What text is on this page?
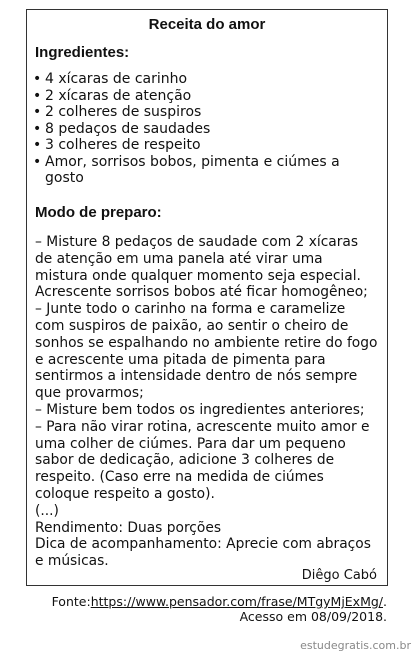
Receita do amor
Ingredientes:
• 4 xícaras de carinho
• 2 xícaras de atenção
• 2 colheres de suspiros
• 8 pedaços de saudades
• 3 colheres de respeito
• Amor, sorrisos bobos, pimenta e ciúmes a gosto
Modo de preparo:
– Misture 8 pedaços de saudade com 2 xícaras
de atenção em uma panela até virar uma
mistura onde qualquer momento seja especial.
Acrescente sorrisos bobos até ficar homogêneo;
– Junte todo o carinho na forma e caramelize
com suspiros de paixão, ao sentir o cheiro de
sonhos se espalhando no ambiente retire do fogo
e acrescente uma pitada de pimenta para
sentirmos a intensidade dentro de nós sempre
que provarmos;
– Misture bem todos os ingredientes anteriores;
– Para não virar rotina, acrescente muito amor e
uma colher de ciúmes. Para dar um pequeno
sabor de dedicação, adicione 3 colheres de
respeito. (Caso erre na medida de ciúmes
coloque respeito a gosto).
(...)
Rendimento: Duas porções
Dica de acompanhamento: Aprecie com abraços
e músicas.
Diêgo Cabó
Fonte:https://www.pensador.com/frase/MTgyMjExMg/.
Acesso em 08/09/2018.
estudegratis.com.br
